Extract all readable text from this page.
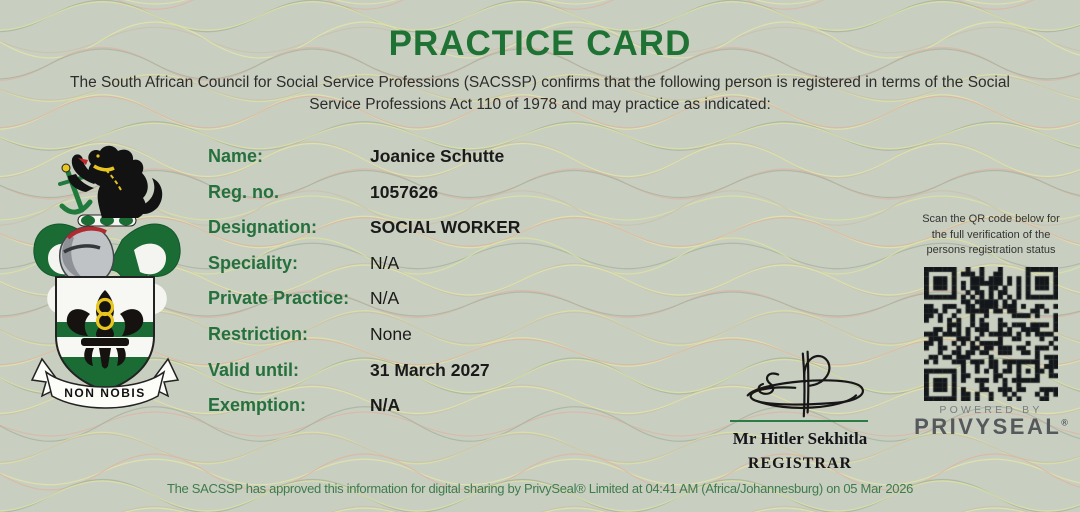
PRACTICE CARD
The South African Council for Social Service Professions (SACSSP) confirms that the following person is registered in terms of the Social
Service Professions Act 110 of 1978 and may practice as indicated:
NON NOBIS
Name:	Joanice Schutte
Reg. no.	1057626
Designation:	SOCIAL WORKER
Speciality:	N/A
Private Practice:	N/A
Restriction:	None
Valid until:	31 March 2027
Exemption:	N/A
Scan the QR code below for
the full verification of the
persons registration status
POWERED BY
PRIVYSEAL®
Mr Hitler Sekhitla
REGISTRAR
The SACSSP has approved this information for digital sharing by PrivySeal® Limited at 04:41 AM (Africa/Johannesburg) on 05 Mar 2026
